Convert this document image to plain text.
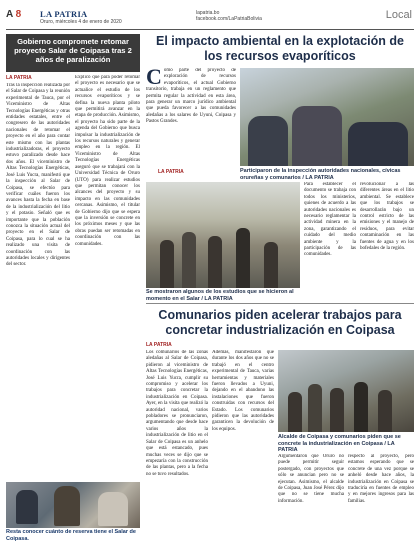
A 8 LA PATRIA
Oruro, miércoles 4 de enero de 2020
lapatria.bo
facebook.com/LaPatriaBolivia	Local
Gobierno compromete retomar proyecto Salar de Coipasa tras 2 años de paralización
LA PATRIA
Tras la inspección realizada por el Salar de Coipasa y la reunión experimental de Tauca, por el Viceministro de Altas Tecnologías Energéticas y otras entidades estatales, entre el congresero de las autoridades nacionales de retomar el proyecto en el año para contar este mismo con las plantas industrializadoras, el proyecto estuvo paralizado desde hace dos años. El viceministro de Altas Tecnologías Energéticas, José Luis Yucra, manifestó que la inspección al Salar de Coipasa, se efectúo para verificar cuáles fueron los avances hasta la fecha en base de la industrialización del litio y el potasio. Señaló que es importante que la población conozca la situación actual del proyecto en el Salar de Coipasa, para lo cual se ha realizado una visita de coordinación con las autoridades locales y dirigentes del sector.
Explicó que para poder retomar el proyecto es necesario que se actualice el estudio de los recursos evaporíticos y se defina la nueva planta piloto que permitirá avanzar en la etapa de producción. Asimismo, el proyecto ha sido parte de la agenda del Gobierno que busca impulsar la industrialización de los recursos naturales y generar empleo en la región. El Viceministro de Altas Tecnologías Energéticas aseguró que se trabajará con la Universidad Técnica de Oruro (UTO) para realizar estudios que permitan conocer los alcances del proyecto y su impacto en las comunidades cercanas. Asimismo, el titular de Gobierno dijo que se espera que la inversión se concrete en los próximos meses y que las obras puedan ser retomadas en coordinación con las comunidades.
Resta conocer cuánto de reserva tiene el Salar de Coipasa.
El impacto ambiental en la explotación de los recursos evaporíticos
Como parte del proyecto de exploración de recursos evaporíticos, el actual Gobierno transitorio, trabaja en un reglamento que permita regular la actividad en esta área, para generar un marco jurídico ambiental que pueda favorecer a las comunidades aledañas a los salares de Uyuni, Coipasa y Pastos Grandes.
LA PATRIA	Participaron de la inspección autoridades nacionales, cívicas orureñas y comunarios / LA PATRIA
Para establecer el documento se trabaja con todos los ministerios, quienes de acuerdo a las autoridades nacionales es necesario reglamentar la actividad minera en la zona, garantizando el cuidado del medio ambiente y la participación de las comunidades.
revolucionar a las diferentes áreas en el litio ambiental. Se establece que los trabajos se desarrollarán bajo un control estricto de las emisiones y el manejo de residuos, para evitar contaminación en las fuentes de agua y en los bofedales de la región.
Se mostraron algunos de los estudios que se hicieron al momento en el Salar / LA PATRIA
Comunarios piden acelerar trabajos para concretar industrialización en Coipasa
LA PATRIA
Los comunarios de las zonas aledañas al Salar de Coipasa, pidieron al viceministro de Altas Tecnologías Energéticas, José Luis Yucra, cumplir su compromiso y acelerar los trabajos para concretar la industrialización en Coipasa. Ayer, en la visita que realizó la autoridad nacional, varios pobladores se pronunciaron, argumentando que desde hace varios años la industrialización de litio en el Salar de Coipasa es un anhelo que está estancado, pues muchas veces se dijo que se empezaría con la construcción de las plantas, pero a la fecha no se tuvo resultados.
Además, manifestaron que durante los dos años que no se trabajó en el centro experimental de Tauca, varias herramientas y materiales fueron llevados a Uyuni, dejando en el abandono las instalaciones que fueron construidas con recursos del Estado. Los comunarios pidieron que las autoridades garanticen la devolución de los equipos.
Alcalde de Coipasa y comunarios piden que se concrete la industrialización en Coipasa / LA PATRIA
Argumentaron que Oruro no puede permitir seguir postergado, con proyectos que sólo se anuncian pero no se ejecutan. Asimismo, el alcalde de Coipasa, Juan José Pérez dijo que no se tiene mucha información.
respecto al proyecto, pero estamos esperando que se concrete de una vez porque se anheló desde hace años, la industrialización en Coipasa se traduciría en fuentes de empleo y en mejores ingresos para las familias.
